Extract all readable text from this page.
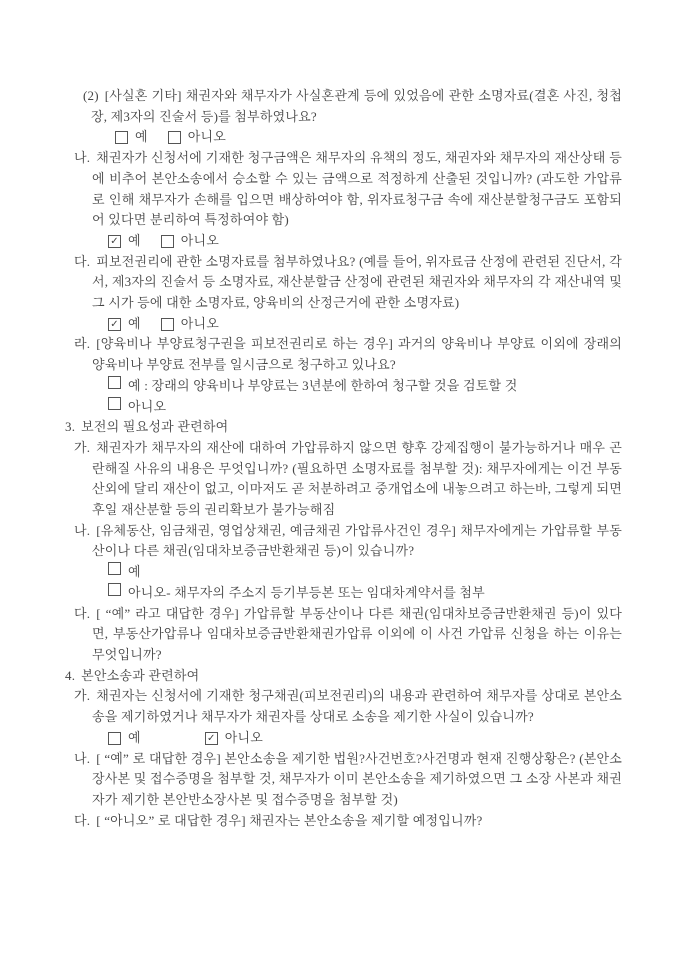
(2) [사실혼 기타] 채권자와 채무자가 사실혼관계 등에 있었음에 관한 소명자료(결혼 사진, 청첩장, 제3자의 진술서 등)를 첨부하였나요?
예	아니오
나. 채권자가 신청서에 기재한 청구금액은 채무자의 유책의 정도, 채권자와 채무자의 재산상태 등에 비추어 본안소송에서 승소할 수 있는 금액으로 적정하게 산출된 것입니까? (과도한 가압류로 인해 채무자가 손해를 입으면 배상하여야 함, 위자료청구금 속에 재산분할청구금도 포함되어 있다면 분리하여 특정하여야 함)
✓ 예	아니오
다. 피보전권리에 관한 소명자료를 첨부하였나요? (예를 들어, 위자료금 산정에 관련된 진단서, 각서, 제3자의 진술서 등 소명자료, 재산분할금 산정에 관련된 채권자와 채무자의 각 재산내역 및 그 시가 등에 대한 소명자료, 양육비의 산정근거에 관한 소명자료)
✓ 예	아니오
라. [양육비나 부양료청구권을 피보전권리로 하는 경우] 과거의 양육비나 부양료 이외에 장래의 양육비나 부양료 전부를 일시금으로 청구하고 있나요?
예 : 장래의 양육비나 부양료는 3년분에 한하여 청구할 것을 검토할 것
아니오
3. 보전의 필요성과 관련하여
가. 채권자가 채무자의 재산에 대하여 가압류하지 않으면 향후 강제집행이 불가능하거나 매우 곤란해질 사유의 내용은 무엇입니까? (필요하면 소명자료를 첨부할 것): 채무자에게는 이건 부동산외에 달리 재산이 없고, 이마저도 곧 처분하려고 중개업소에 내놓으려고 하는바, 그렇게 되면 후일 재산분할 등의 권리확보가 불가능해짐
나. [유체동산, 임금채권, 영업상채권, 예금채권 가압류사건인 경우] 채무자에게는 가압류할 부동산이나 다른 채권(임대차보증금반환채권 등)이 있습니까?
예
아니오- 채무자의 주소지 등기부등본 또는 임대차계약서를 첨부
다. [ “예” 라고 대답한 경우] 가압류할 부동산이나 다른 채권(임대차보증금반환채권 등)이 있다면, 부동산가압류나 임대차보증금반환채권가압류 이외에 이 사건 가압류 신청을 하는 이유는 무엇입니까?
4. 본안소송과 관련하여
가. 채권자는 신청서에 기재한 청구채권(피보전권리)의 내용과 관련하여 채무자를 상대로 본안소송을 제기하였거나 채무자가 채권자를 상대로 소송을 제기한 사실이 있습니까?
예	✓ 아니오
나. [ “예” 로 대답한 경우] 본안소송을 제기한 법원?사건번호?사건명과 현재 진행상황은? (본안소장사본 및 접수증명을 첨부할 것, 채무자가 이미 본안소송을 제기하였으면 그 소장 사본과 채권자가 제기한 본안반소장사본 및 접수증명을 첨부할 것)
다. [ “아니오” 로 대답한 경우] 채권자는 본안소송을 제기할 예정입니까?
